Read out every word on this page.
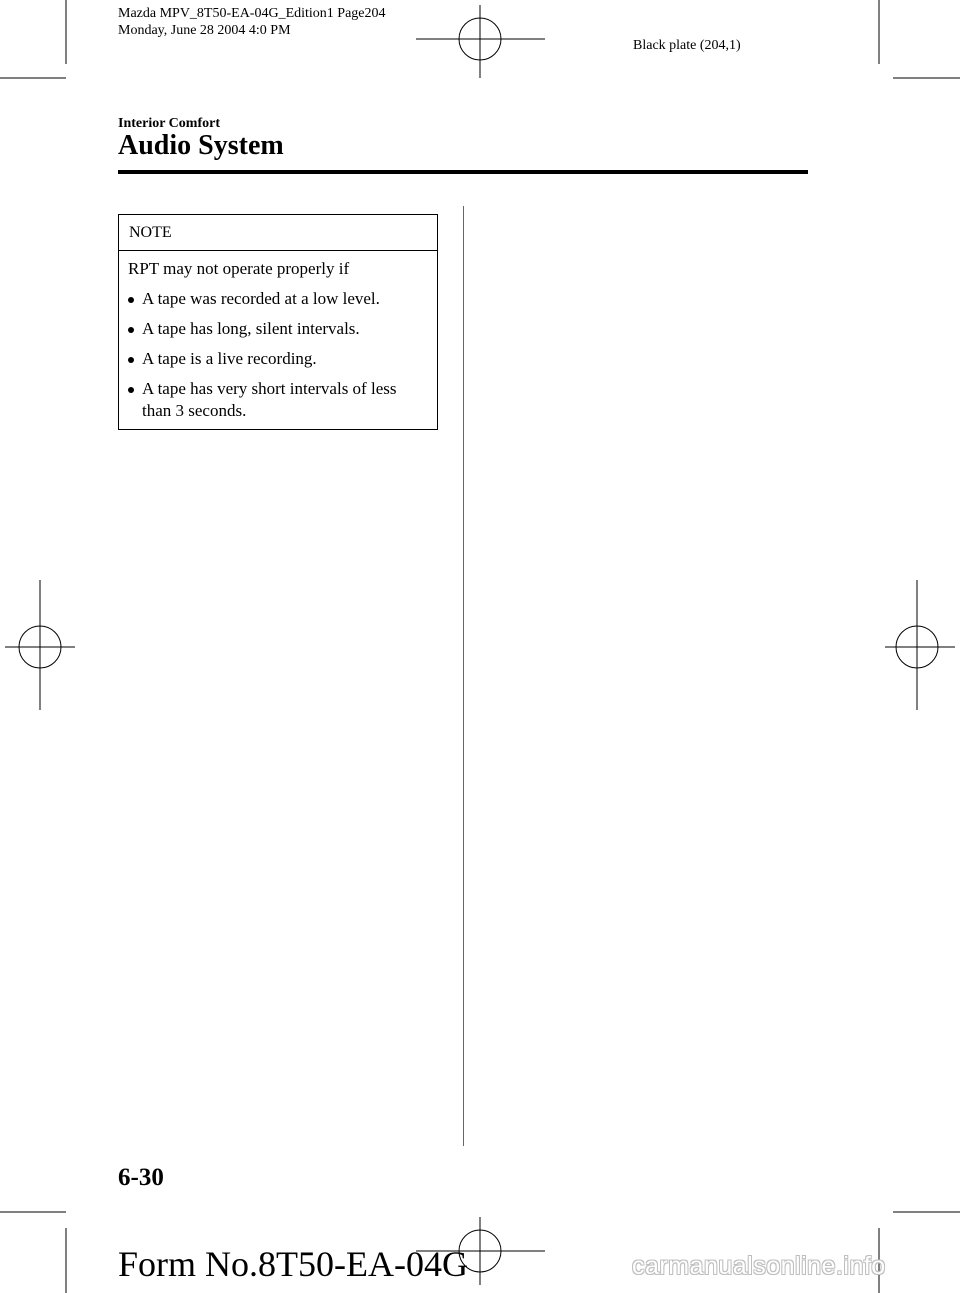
Mazda MPV_8T50-EA-04G_Edition1 Page204
Monday, June 28 2004 4:0 PM
Black plate (204,1)
Interior Comfort
Audio System
NOTE
RPT may not operate properly if
A tape was recorded at a low level.
A tape has long, silent intervals.
A tape is a live recording.
A tape has very short intervals of less than 3 seconds.
6-30
Form No.8T50-EA-04G	carmanualsonline.info
